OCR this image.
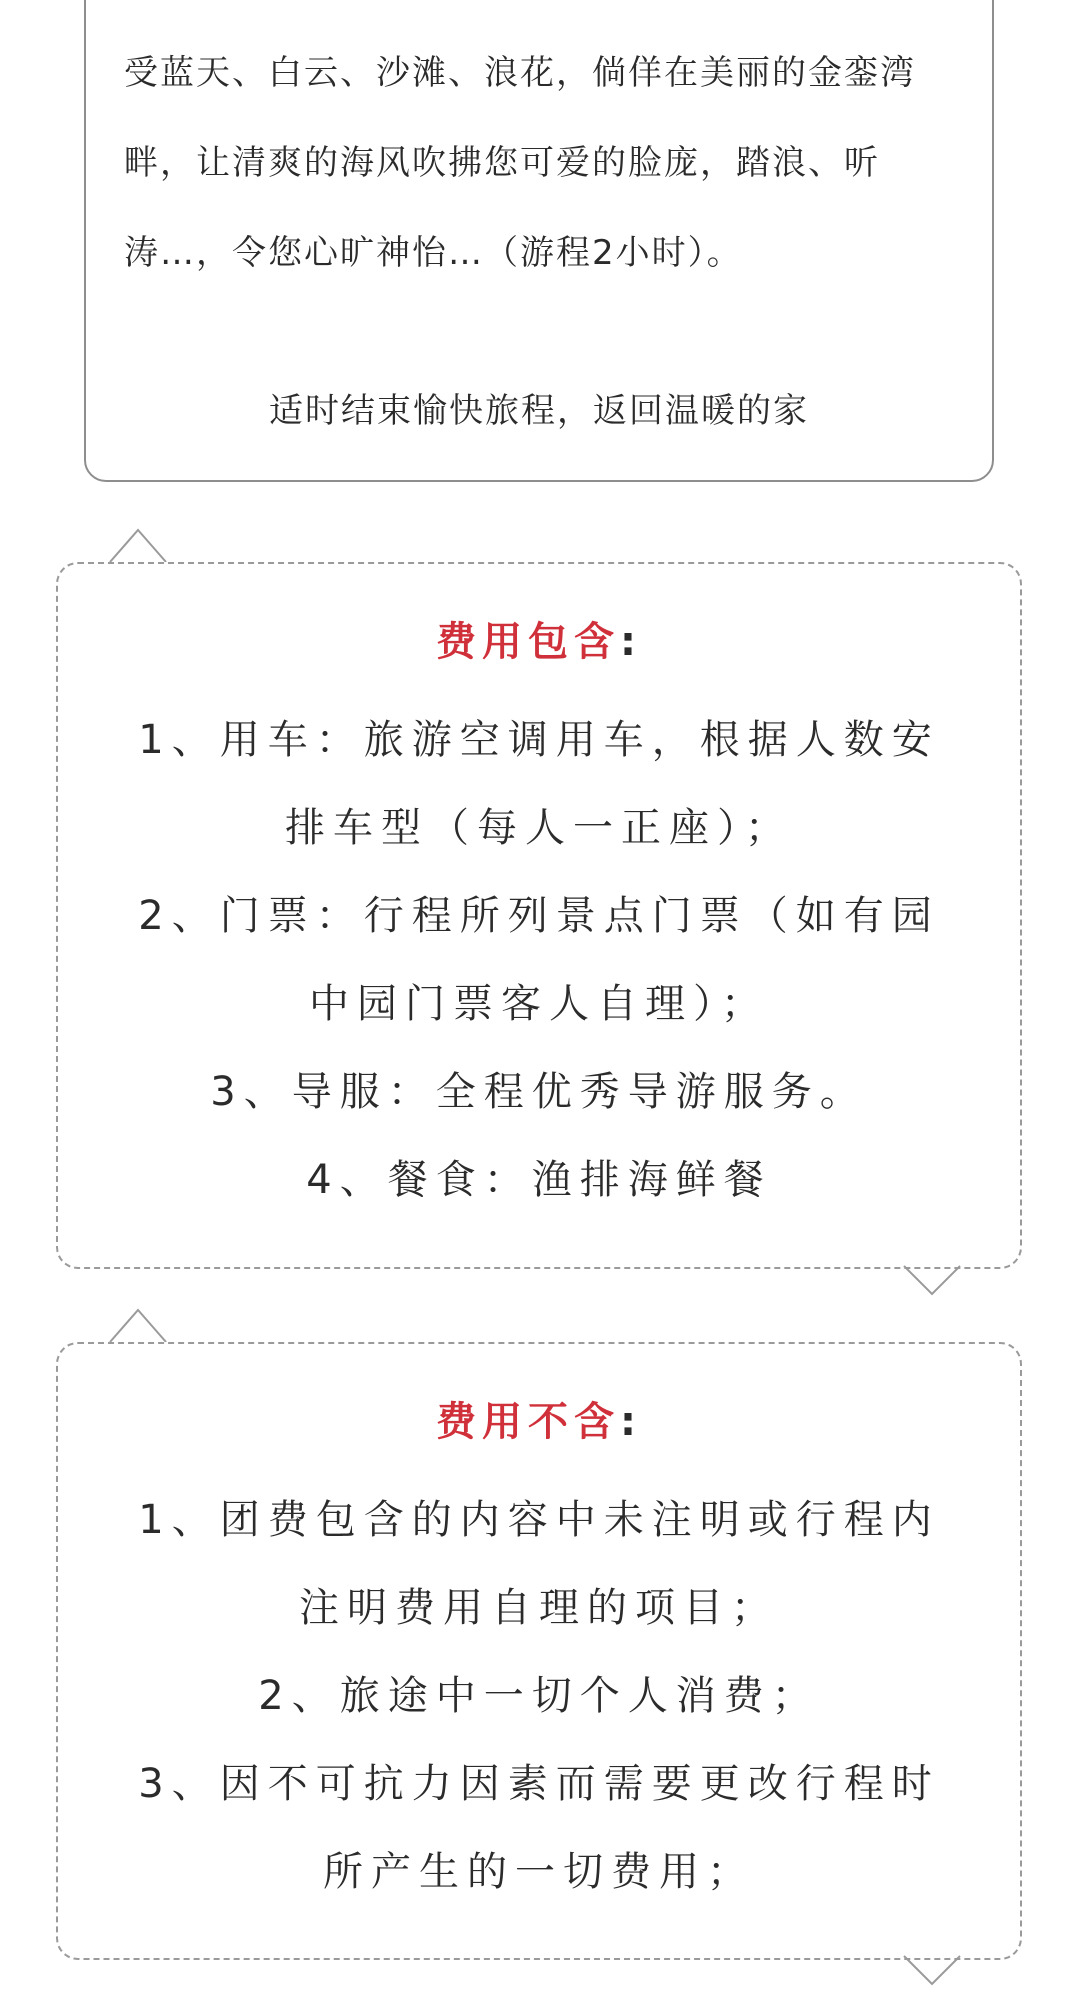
受蓝天、白云、沙滩、浪花，倘佯在美丽的金銮湾畔，让清爽的海风吹拂您可爱的脸庞，踏浪、听涛…，令您心旷神怡…（游程2小时）。

适时结束愉快旅程，返回温暖的家

费用包含:
1、用车：旅游空调用车，根据人数安排车型（每人一正座）；
2、门票：行程所列景点门票（如有园中园门票客人自理）；
3、导服：全程优秀导游服务。
4、餐食：渔排海鲜餐
费用不含:
1、团费包含的内容中未注明或行程内注明费用自理的项目；
2、旅途中一切个人消费；
3、因不可抗力因素而需要更改行程时所产生的一切费用；
